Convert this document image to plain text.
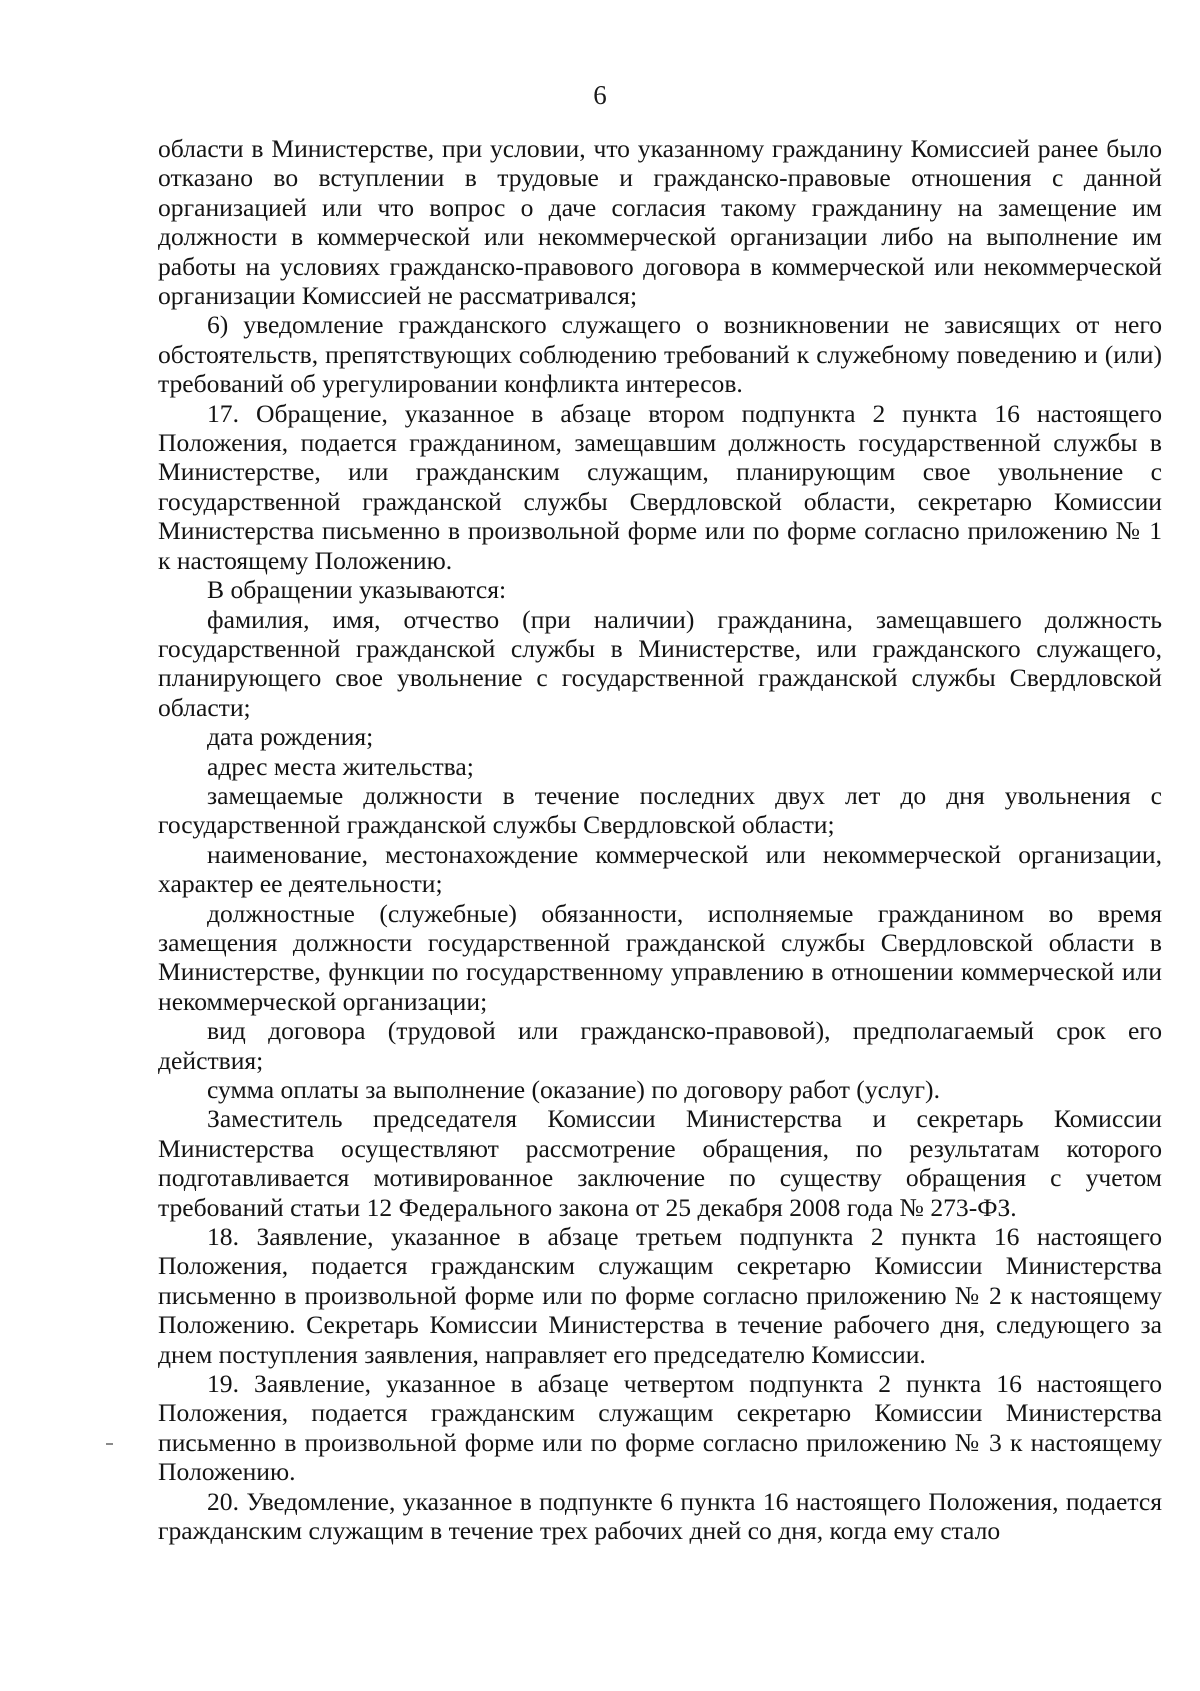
6

области в Министерстве, при условии, что указанному гражданину Комиссией ранее было отказано во вступлении в трудовые и гражданско-правовые отношения с данной организацией или что вопрос о даче согласия такому гражданину на замещение им должности в коммерческой или некоммерческой организации либо на выполнение им работы на условиях гражданско-правового договора в коммерческой или некоммерческой организации Комиссией не рассматривался;

6) уведомление гражданского служащего о возникновении не зависящих от него обстоятельств, препятствующих соблюдению требований к служебному поведению и (или) требований об урегулировании конфликта интересов.

17. Обращение, указанное в абзаце втором подпункта 2 пункта 16 настоящего Положения, подается гражданином, замещавшим должность государственной службы в Министерстве, или гражданским служащим, планирующим свое увольнение с государственной гражданской службы Свердловской области, секретарю Комиссии Министерства письменно в произвольной форме или по форме согласно приложению № 1 к настоящему Положению.

В обращении указываются:

фамилия, имя, отчество (при наличии) гражданина, замещавшего должность государственной гражданской службы в Министерстве, или гражданского служащего, планирующего свое увольнение с государственной гражданской службы Свердловской области;

дата рождения;

адрес места жительства;

замещаемые должности в течение последних двух лет до дня увольнения с государственной гражданской службы Свердловской области;

наименование, местонахождение коммерческой или некоммерческой организации, характер ее деятельности;

должностные (служебные) обязанности, исполняемые гражданином во время замещения должности государственной гражданской службы Свердловской области в Министерстве, функции по государственному управлению в отношении коммерческой или некоммерческой организации;

вид договора (трудовой или гражданско-правовой), предполагаемый срок его действия;

сумма оплаты за выполнение (оказание) по договору работ (услуг).

Заместитель председателя Комиссии Министерства и секретарь Комиссии Министерства осуществляют рассмотрение обращения, по результатам которого подготавливается мотивированное заключение по существу обращения с учетом требований статьи 12 Федерального закона от 25 декабря 2008 года № 273-ФЗ.

18. Заявление, указанное в абзаце третьем подпункта 2 пункта 16 настоящего Положения, подается гражданским служащим секретарю Комиссии Министерства письменно в произвольной форме или по форме согласно приложению № 2 к настоящему Положению. Секретарь Комиссии Министерства в течение рабочего дня, следующего за днем поступления заявления, направляет его председателю Комиссии.

19. Заявление, указанное в абзаце четвертом подпункта 2 пункта 16 настоящего Положения, подается гражданским служащим секретарю Комиссии Министерства письменно в произвольной форме или по форме согласно приложению № 3 к настоящему Положению.

20. Уведомление, указанное в подпункте 6 пункта 16 настоящего Положения, подается гражданским служащим в течение трех рабочих дней со дня, когда ему стало
